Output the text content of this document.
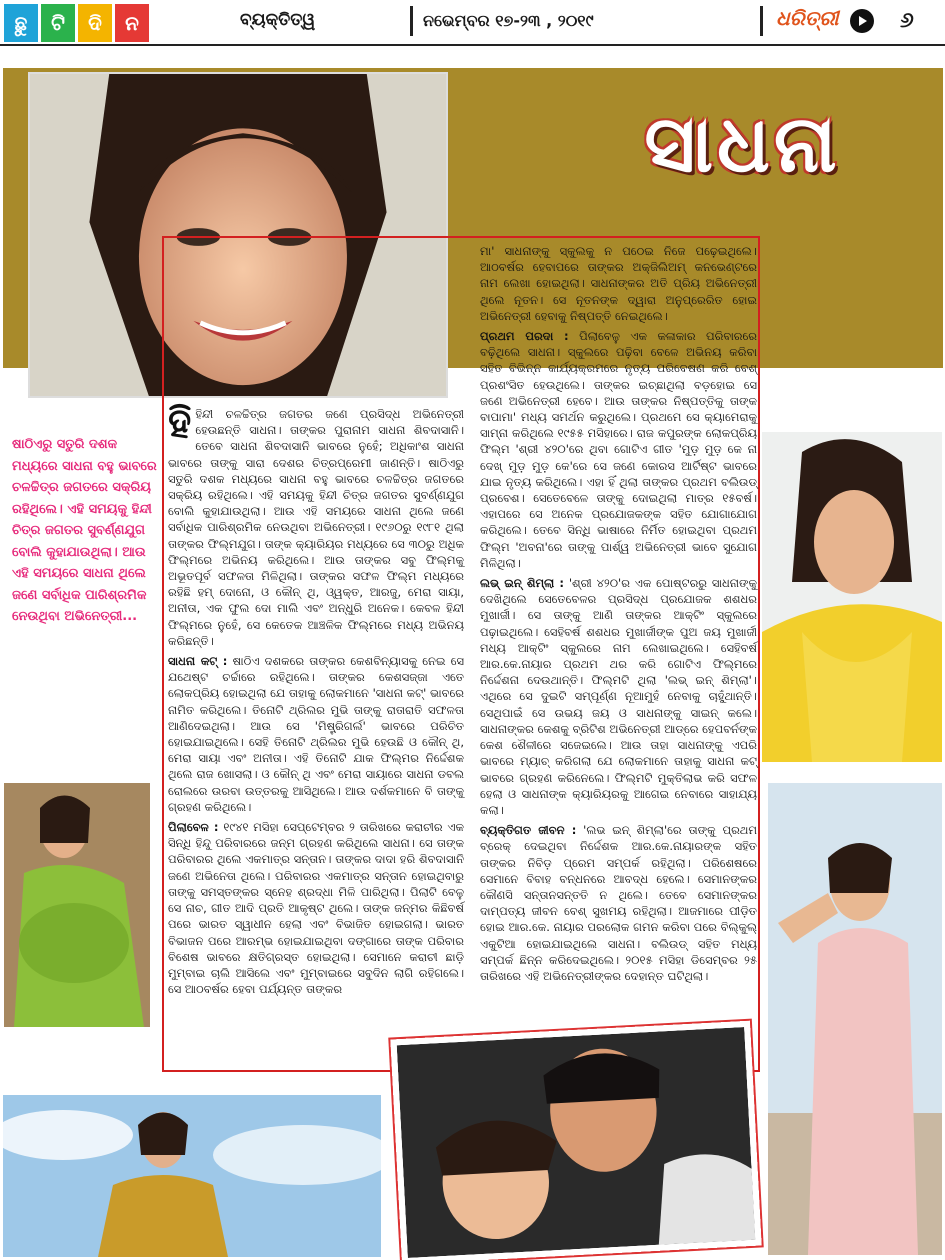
ଛୁ	ଟି	ଦି	ନ	ବ୍ୟକ୍ତିତ୍ୱ	ନଭେମ୍ବର ୧୭-୨୩ , ୨୦୧୯	ଧରିତ୍ରୀ	୬
ସାଧନା

ମା' ସାଧନାଙ୍କୁ ସ୍କୁଲକୁ ନ ପଠେଇ ନିଜେ ପଢ଼େଇଥିଲେ। ଆଠବର୍ଷର ହେବାପରେ ତାଙ୍କର ଅକ୍ଜିଲିଅମ୍ କନଭେଣ୍ଟରେ ନାମ ଲେଖା ହୋଇଥିଲା। ସାଧନାଙ୍କର ଅତି ପ୍ରିୟ ଅଭିନେତ୍ରୀ ଥିଲେ ନୂତନ। ସେ ନୂତନଙ୍କ ଦ୍ୱାରା ଅନୁପ୍ରେରିତ ହୋଇ ଅଭିନେତ୍ରୀ ହେବାକୁ ନିଷ୍ପତ୍ତି ନେଇଥିଲେ।

ପ୍ରଥମ ପରଦା : ପିଲାବେଳୁ ଏକ କଳାକାର ପରିବାରରେ ବଢ଼ିଥିଲେ ସାଧନା। ସ୍କୁଲରେ ପଢ଼ିବା ବେଳେ ଅଭିନୟ କରିବା ସହିତ ବିଭିନ୍ନ କାର୍ଯ୍ୟକ୍ରମରେ ନୃତ୍ୟ ପରିବେଷଣ କରି ବେଶ୍ ପ୍ରଶଂସିତ ହେଉଥିଲେ। ତାଙ୍କର ଇଚ୍ଛାଥିଲା ବଡ଼ହୋଇ ସେ ଜଣେ ଅଭିନେତ୍ରୀ ହେବେ। ଆଉ ତାଙ୍କର ନିଷ୍ପତ୍ତିକୁ ତାଙ୍କ ବାପାମା' ମଧ୍ୟ ସମର୍ଥନ କରୁଥିଲେ। ପ୍ରଥମେ ସେ କ୍ୟାମେରାକୁ ସାମ୍ନା କରିଥିଲେ ୧୯୫୫ ମସିହାରେ। ରାଜ କପୁରଙ୍କ ଲୋକପ୍ରିୟ ଫିଲ୍ମ 'ଶ୍ରୀ ୪୨୦'ରେ ଥିବା ଗୋଟିଏ ଗୀତ 'ମୁଡ଼ ମୁଡ଼ କେ ନା ଦେଖ୍ ମୁଡ଼ ମୁଡ଼ କେ'ରେ ସେ ଜଣେ କୋରସ ଆର୍ଟିଷ୍ଟ ଭାବରେ ଯାଇ ନୃତ୍ୟ କରିଥିଲେ। ଏହା ହିଁ ଥିଲା ତାଙ୍କର ପ୍ରଥମ ବଲିଉଡ୍ ପ୍ରବେଶ। ସେତେବେଳେ ତାଙ୍କୁ ଦୋଇଥିଲା ମାତ୍ର ୧୫ବର୍ଷ। ଏହାପରେ ସେ ଅନେକ ପ୍ରଯୋଜକଙ୍କ ସହିତ ଯୋଗାଯୋଗ କରିଥିଲେ। ତେବେ ସିନ୍ଧି ଭାଷାରେ ନିର୍ମିତ ହୋଇଥିବା ପ୍ରଥମ ଫିଲ୍ମ 'ଅବନା'ରେ ତାଙ୍କୁ ପାର୍ଶ୍ୱ ଅଭିନେତ୍ରୀ ଭାବେ ସୁଯୋଗ ମିଳିଥିଲା।

ଲଭ୍ ଇନ୍ ଶିମ୍ଲା : 'ଶ୍ରୀ ୪୨୦'ର ଏକ ପୋଷ୍ଟରରୁ ସାଧନାଙ୍କୁ ଦେଖିଥିଲେ ସେତେବେଳର ପ୍ରସିଦ୍ଧ ପ୍ରଯୋଜକ ଶଶଧର ମୁଖାର୍ଜୀ। ସେ ତାଙ୍କୁ ଆଣି ତାଙ୍କର ଆକ୍ଟିଂ ସ୍କୁଲରେ ପଢ଼ାଇଥିଲେ। ସେହିବର୍ଷ ଶଶଧର ମୁଖାର୍ଜୀଙ୍କ ପୁଅ ଜୟ ମୁଖାର୍ଜୀ ମଧ୍ୟ ଆକ୍ଟିଂ ସ୍କୁଲରେ ନାମ ଲେଖାଇଥିଲେ। ସେହିବର୍ଷ ଆର.କେ.ନାୟାର ପ୍ରଥମ ଥର କରି ଗୋଟିଏ ଫିଲ୍ମରେ ନିର୍ଦ୍ଦେଶନା ଦେଉଥାନ୍ତି। ଫିଲ୍ମଟି ଥିଲା 'ଲଭ୍ ଇନ୍ ଶିମ୍ଲା'। ଏଥିରେ ସେ ଦୁଇଟି ସମ୍ପୂର୍ଣ୍ଣ ନୂଆମୁହଁ ନେବାକୁ ଚାହୁଁଥାନ୍ତି। ସେଥିପାଇଁ ସେ ଉଭୟ ଜୟ ଓ ସାଧନାଙ୍କୁ ସାଇନ୍ କଲେ। ସାଧନାଙ୍କର କେଶକୁ ବ୍ରିଟିଶ ଅଭିନେତ୍ରୀ ଆଡ୍ରେ ହେପବର୍ନଙ୍କ କେଶ ଶୈଳୀରେ ସଜେଇଲେ। ଆଉ ତାହା ସାଧନାଙ୍କୁ ଏପରି ଭାବରେ ମ୍ୟାଚ୍ କରିଗଲା ଯେ ଲୋକମାନେ ତାହାକୁ ସାଧନା କଟ୍ ଭାବରେ ଗ୍ରହଣ କରିନେଲେ। ଫିଲ୍ମଟି ମୁକ୍ତିଲାଭ କରି ସଫଳ ହେଲା ଓ ସାଧନାଙ୍କ କ୍ୟାରିୟରକୁ ଆଗେଇ ନେବାରେ ସାହାଯ୍ୟ କଲା।

ବ୍ୟକ୍ତିଗତ ଜୀବନ : 'ଲଭ ଇନ୍ ଶିମ୍ଲା'ରେ ତାଙ୍କୁ ପ୍ରଥମ ବ୍ରେକ୍ ଦେଇଥିବା ନିର୍ଦ୍ଦେଶକ ଆର.କେ.ନାୟାରଙ୍କ ସହିତ ତାଙ୍କର ନିବିଡ଼ ପ୍ରେମ ସମ୍ପର୍କ ରହିଥିଲା। ପରିଶେଷରେ ସେମାନେ ବିବାହ ବନ୍ଧନରେ ଆବଦ୍ଧ ହେଲେ। ସେମାନଙ୍କର କୌଣସି ସନ୍ତାନସନ୍ତତି ନ ଥିଲେ। ତେବେ ସେମାନଙ୍କର ଦାମ୍ପତ୍ୟ ଜୀବନ ବେଶ୍ ସୁଖମୟ ରହିଥିଲା। ଆଜମାରେ ପୀଡ଼ିତ ହୋଇ ଆର.କେ. ନାୟାର ପରଲୋକ ଗମନ କରିବା ପରେ ବିଲ୍କୁଲ୍ ଏକୁଟିଆ ହୋଇଯାଇଥିଲେ ସାଧନା। ବଲିଉଡ୍ ସହିତ ମଧ୍ୟ ସମ୍ପର୍କ ଛିନ୍ନ କରିଦେଇଥିଲେ। ୨୦୧୫ ମସିହା ଡିସେମ୍ବର ୨୫ ତାରିଖରେ ଏହି ଅଭିନେତ୍ରୀଙ୍କର ଦେହାନ୍ତ ଘଟିଥିଲା।

ହିହିନ୍ଦୀ ଚଳଚ୍ଚିତ୍ର ଜଗତର ଜଣେ ପ୍ରସିଦ୍ଧ ଅଭିନେତ୍ରୀ ହେଉଛନ୍ତି ସାଧନା। ତାଙ୍କର ପୁରାନାମ ସାଧନା ଶିବଦାସାନି। ତେବେ ସାଧନା ଶିବଦାସାନି ଭାବରେ ନୁହେଁ; ଅଧିକାଂଶ ସାଧନା ଭାବରେ ତାଙ୍କୁ ସାରା ଦେଶର ଚିତ୍ରପ୍ରେମୀ ଜାଣନ୍ତି। ଷାଠିଏରୁ ସତୁରି ଦଶକ ମଧ୍ୟରେ ସାଧନା ବହୁ ଭାବରେ ଚଳଚ୍ଚିତ୍ର ଜଗତରେ ସକ୍ରିୟ ରହିଥିଲେ। ଏହି ସମୟକୁ ହିନ୍ଦୀ ଚିତ୍ର ଜଗତର ସୁବର୍ଣ୍ଣଯୁଗ ବୋଲି କୁହାଯାଉଥିଲା। ଆଉ ଏହି ସମୟରେ ସାଧନା ଥିଲେ ଜଣେ ସର୍ବାଧିକ ପାରିଶ୍ରମିକ ନେଉଥିବା ଅଭିନେତ୍ରୀ। ୧୯୬୦ରୁ ୧୯୮୧ ଥିଲା ତାଙ୍କର ଫିଲ୍ମଯୁଗ। ତାଙ୍କ କ୍ୟାରିୟର ମଧ୍ୟରେ ସେ ୩୦ରୁ ଅଧିକ ଫିଲ୍ମରେ ଅଭିନୟ କରିଥିଲେ। ଆଉ ତାଙ୍କର ସବୁ ଫିଲ୍ମକୁ ଅଭୂତପୂର୍ବ ସଫଳତା ମିଳିଥିଲା। ତାଙ୍କର ସଫଳ ଫିଲ୍ମ ମଧ୍ୟରେ ରହିଛି ହମ୍ ଦୋନୋ, ଓ କୌନ୍ ଥି, ଓ୍ୱକ୍ତ, ଆରଜୁ, ମେରା ସାୟା, ଅନୀତା, ଏକ ଫୁଲ ଦୋ ମାଲି ଏବଂ ଅନ୍ଧୁରି ଅନେକ। କେବଳ ହିନ୍ଦୀ ଫିଲ୍ମରେ ନୁହେଁ, ସେ କେତେକ ଆଞ୍ଚଳିକ ଫିଲ୍ମରେ ମଧ୍ୟ ଅଭିନୟ କରିଛନ୍ତି।

ସାଧନା କଟ୍ : ଷାଠିଏ ଦଶକରେ ତାଙ୍କର କେଶବିନ୍ୟାସକୁ ନେଇ ସେ ଯଥେଷ୍ଟ ଚର୍ଚ୍ଚାରେ ରହିଥିଲେ। ତାଙ୍କର କେଶସଜ୍ଜା ଏତେ ଲୋକପ୍ରିୟ ହୋଇଥିଲା ଯେ ତାହାକୁ ଲୋକମାନେ 'ସାଧନା କଟ୍' ଭାବରେ ନାମିତ କରିଥିଲେ। ତିନୋଟି ଥ୍ରିଲର ମୁଭି ତାଙ୍କୁ ରାତାରାତି ସଫଳତା ଆଣିଦେଇଥିଲା। ଆଉ ସେ 'ମିଷ୍ଟ୍ରିଗର୍ଲ' ଭାବରେ ପରିଚିତ ହୋଇଯାଇଥିଲେ। ସେହି ତିନୋଟି ଥ୍ରିଲର ମୁଭି ହେଉଛି ଓ କୌନ୍ ଥି, ମେରା ସାୟା ଏବଂ ଅନୀତା। ଏହି ତିନୋଟି ଯାକ ଫିଲ୍ମର ନିର୍ଦ୍ଦେଶକ ଥିଲେ ରାଜ ଖୋସଲା। ଓ କୌନ୍ ଥି ଏବଂ ମେରା ସାୟାରେ ସାଧନା ଡବଲ ରୋଲରେ ଉରବା ଉତ୍ତରକୁ ଆସିଥିଲେ। ଆଉ ଦର୍ଶକମାନେ ବି ତାଙ୍କୁ ଗ୍ରହଣ କରିଥିଲେ।

ପିଲାବେଳ : ୧୯୪୧ ମସିହା ସେପ୍ଟେମ୍ବର ୨ ତାରିଖରେ କରାଚୀର ଏକ ସିନ୍ଧି ହିନ୍ଦୁ ପରିବାରରେ ଜନ୍ମ ଗ୍ରହଣ କରିଥିଲେ ସାଧନା। ସେ ତାଙ୍କ ପରିବାରର ଥିଲେ ଏକମାତ୍ର ସନ୍ତାନ। ତାଙ୍କର ଦାଦା ହରି ଶିବଦାସାନି ଜଣେ ଅଭିନେତା ଥିଲେ। ପରିବାରର ଏକମାତ୍ର ସନ୍ତାନ ହୋଇଥିବାରୁ ତାଙ୍କୁ ସମସ୍ତଙ୍କର ସ୍ନେହ ଶ୍ରଦ୍ଧା ମିଳି ପାରିଥିଲା। ପିଲାଟି ବେଳୁ ସେ ନାଚ, ଗୀତ ଆଦି ପ୍ରତି ଆକୃଷ୍ଟ ଥିଲେ। ତାଙ୍କ ଜନ୍ମର କିଛିବର୍ଷ ପରେ ଭାରତ ସ୍ୱାଧୀନ ହେଲା ଏବଂ ବିଭାଜିତ ହୋଇଗଲା। ଭାରତ ବିଭାଜନ ପରେ ଆରମ୍ଭ ହୋଇଯାଇଥିବା ଦଙ୍ଗାରେ ତାଙ୍କ ପରିବାର ବିଶେଷ ଭାବରେ କ୍ଷତିଗ୍ରସ୍ତ ହୋଇଥିଲା। ସେମାନେ କରାଚୀ ଛାଡ଼ି ମୁମ୍ବାଇ ଚାଲି ଆସିଲେ ଏବଂ ମୁମ୍ବାଇରେ ସବୁଦିନ ଲାଗି ରହିଗଲେ। ସେ ଆଠବର୍ଷର ହେବା ପର୍ଯ୍ୟନ୍ତ ତାଙ୍କର

ଷାଠିଏରୁ ସତୁରି ଦଶକ ମଧ୍ୟରେ ସାଧନା ବହୁ ଭାବରେ ଚଳଚ୍ଚିତ୍ର ଜଗତରେ ସକ୍ରିୟ ରହିଥିଲେ। ଏହି ସମୟକୁ ହିନ୍ଦୀ ଚିତ୍ର ଜଗତର ସୁବର୍ଣ୍ଣଯୁଗ ବୋଲି କୁହାଯାଉଥିଲା। ଆଉ ଏହି ସମୟରେ ସାଧନା ଥିଲେ ଜଣେ ସର୍ବାଧିକ ପାରିଶ୍ରମିକ ନେଉଥିବା ଅଭିନେତ୍ରୀ...
